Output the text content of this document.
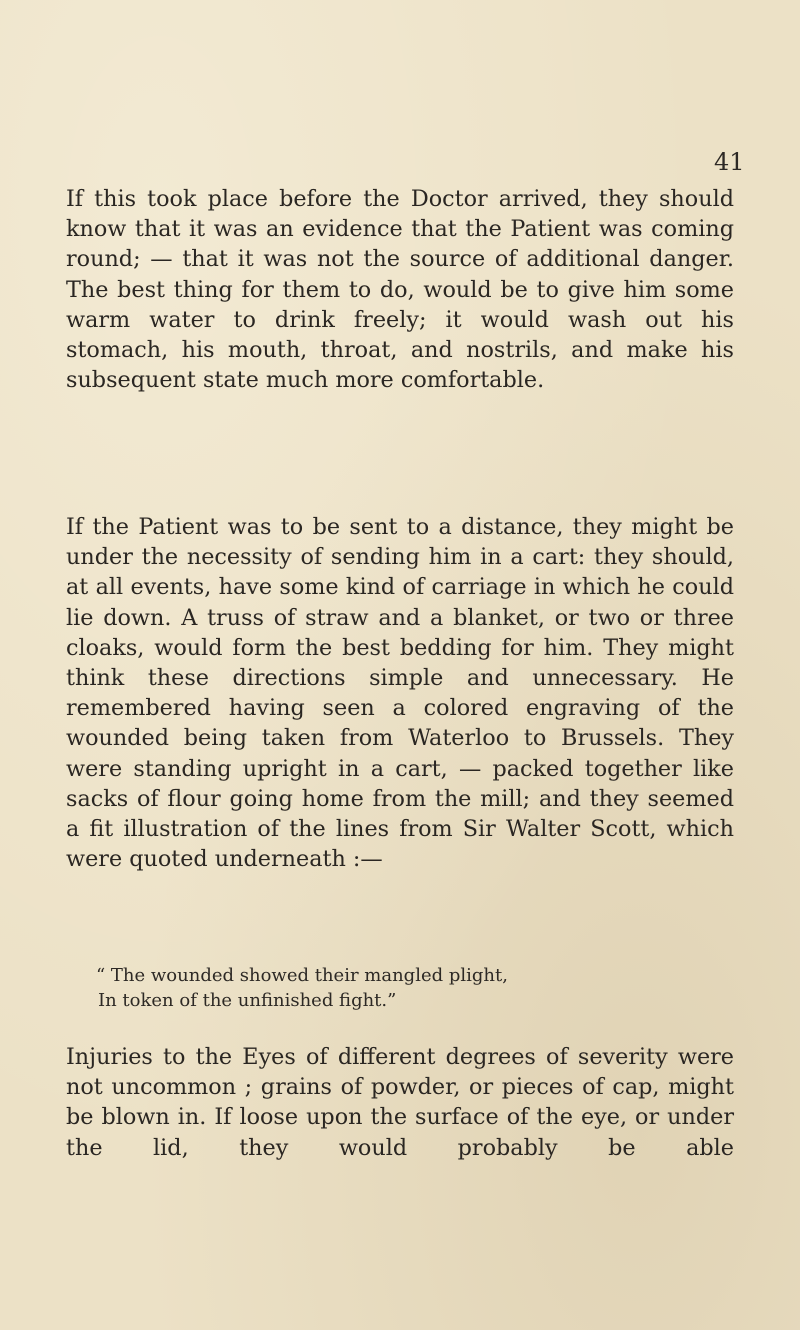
41

If this took place before the Doctor arrived, they should know that it was an evidence that the Patient was coming round; — that it was not the source of additional danger. The best thing for them to do, would be to give him some warm water to drink freely; it would wash out his stomach, his mouth, throat, and nostrils, and make his subsequent state much more comfortable.

If the Patient was to be sent to a distance, they might be under the necessity of sending him in a cart: they should, at all events, have some kind of carriage in which he could lie down. A truss of straw and a blanket, or two or three cloaks, would form the best bedding for him. They might think these directions simple and unnecessary. He remembered having seen a colored engraving of the wounded being taken from Waterloo to Brussels. They were standing upright in a cart, — packed together like sacks of flour going home from the mill; and they seemed a fit illustration of the lines from Sir Walter Scott, which were quoted underneath :—

“ The wounded showed their mangled plight,
In token of the unfinished fight.”

Injuries to the Eyes of different degrees of severity were not uncommon ; grains of powder, or pieces of cap, might be blown in. If loose upon the surface of the eye, or under the lid, they would probably be able
